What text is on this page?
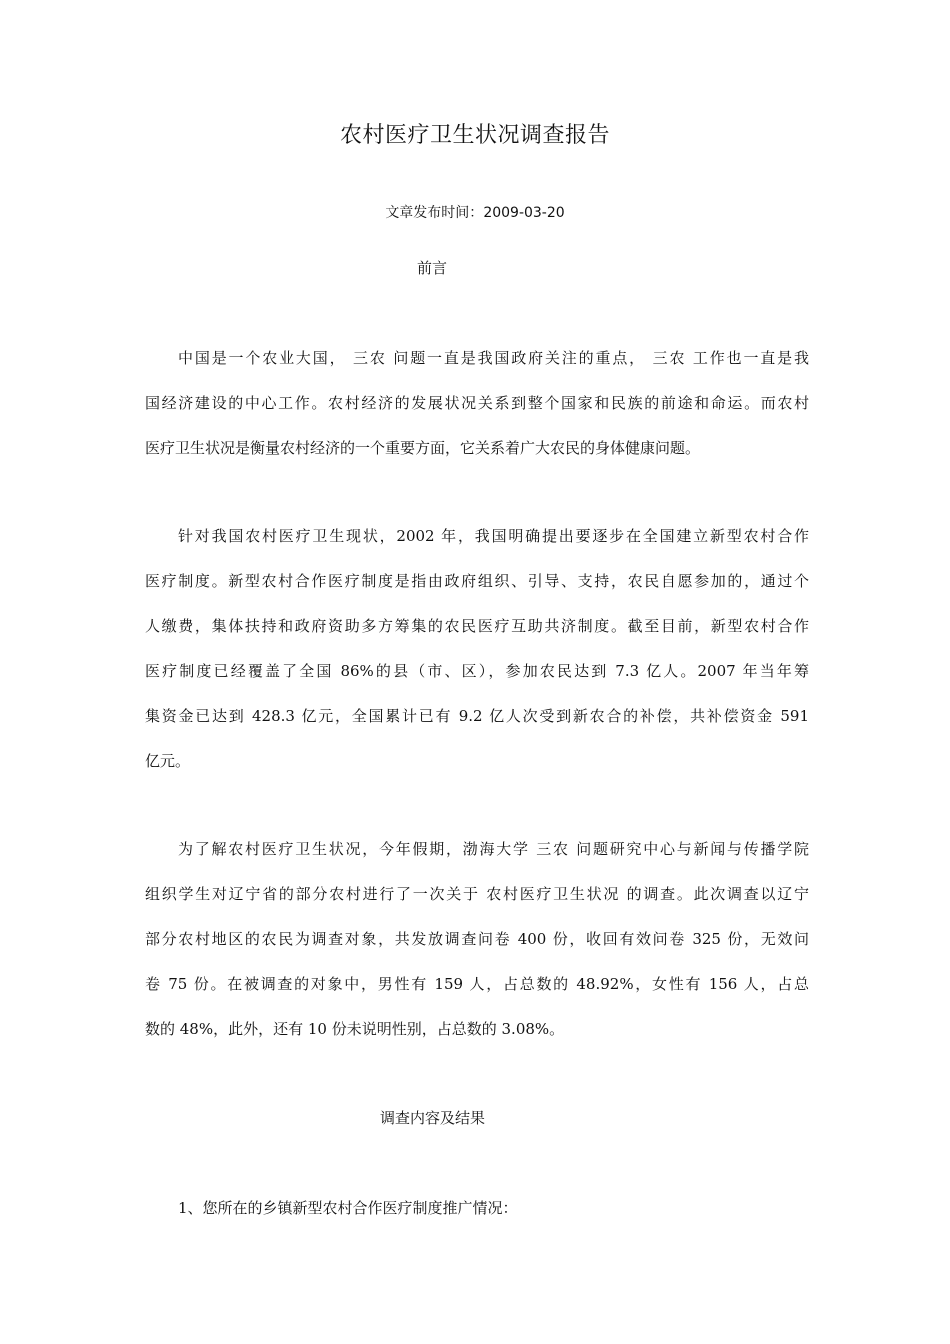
农村医疗卫生状况调查报告
文章发布时间：2009-03-20
前言
中国是一个农业大国， 三农 问题一直是我国政府关注的重点， 三农 工作也一直是我
国经济建设的中心工作。农村经济的发展状况关系到整个国家和民族的前途和命运。而农村
医疗卫生状况是衡量农村经济的一个重要方面，它关系着广大农民的身体健康问题。
针对我国农村医疗卫生现状，2002 年，我国明确提出要逐步在全国建立新型农村合作
医疗制度。新型农村合作医疗制度是指由政府组织、引导、支持，农民自愿参加的，通过个
人缴费，集体扶持和政府资助多方筹集的农民医疗互助共济制度。截至目前，新型农村合作
医疗制度已经覆盖了全国 86%的县（市、区），参加农民达到 7.3 亿人。2007 年当年筹
集资金已达到 428.3 亿元，全国累计已有 9.2 亿人次受到新农合的补偿，共补偿资金 591
亿元。
为了解农村医疗卫生状况，今年假期，渤海大学 三农 问题研究中心与新闻与传播学院
组织学生对辽宁省的部分农村进行了一次关于 农村医疗卫生状况 的调查。此次调查以辽宁
部分农村地区的农民为调查对象，共发放调查问卷 400 份，收回有效问卷 325 份，无效问
卷 75 份。在被调查的对象中，男性有 159 人，占总数的 48.92%，女性有 156 人，占总
数的 48%，此外，还有 10 份未说明性别，占总数的 3.08%。
调查内容及结果
1、您所在的乡镇新型农村合作医疗制度推广情况：
